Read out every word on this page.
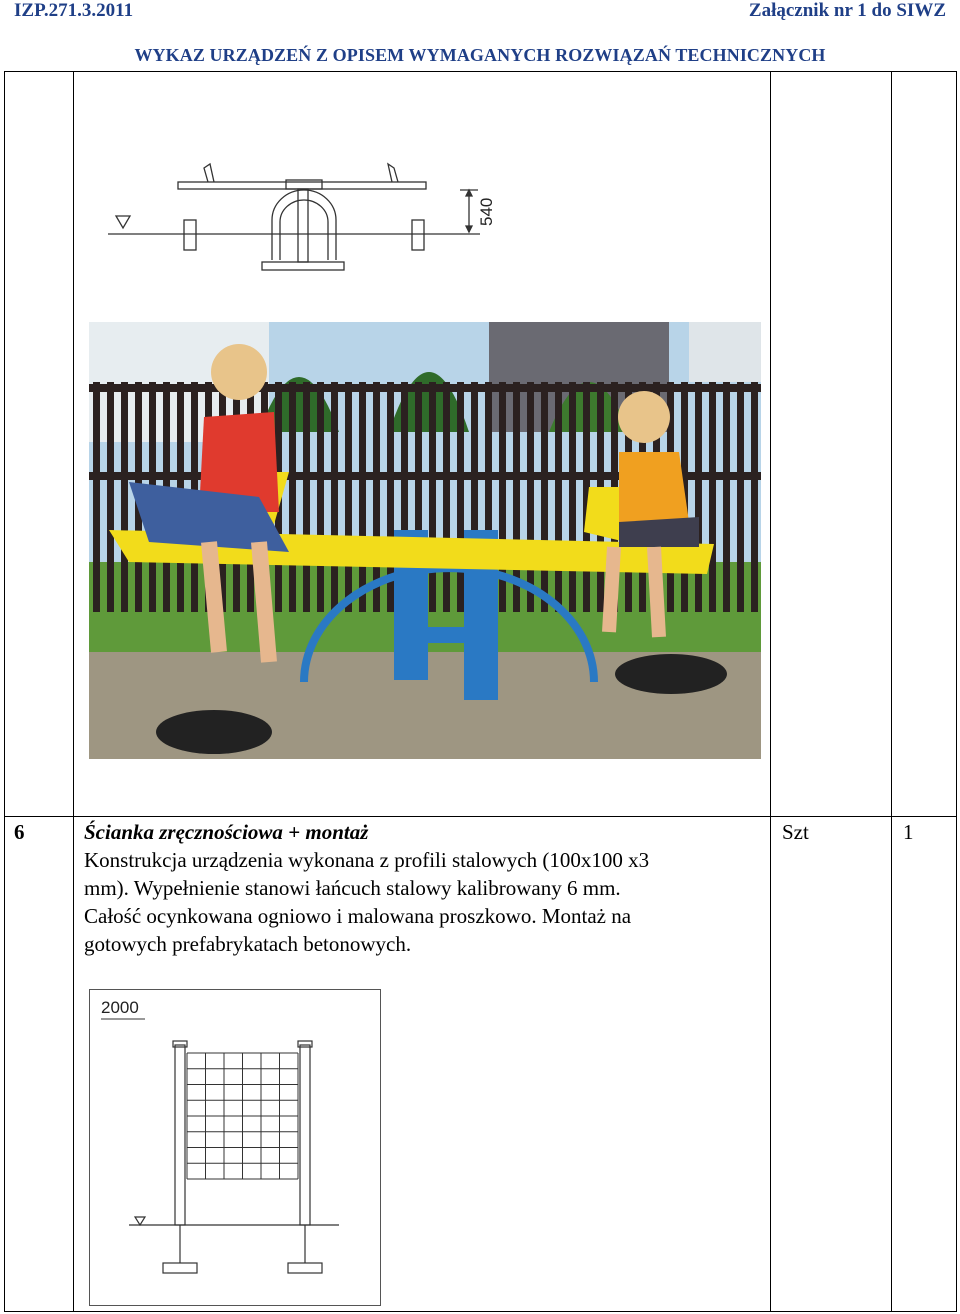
IZP.271.3.2011	Załącznik nr 1 do SIWZ
WYKAZ URZĄDZEŃ Z OPISEM WYMAGANYCH ROZWIĄZAŃ TECHNICZNYCH
540
6	Ścianka zręcznościowa + montaż
Konstrukcja urządzenia wykonana z profili stalowych (100x100 x3
mm). Wypełnienie stanowi łańcuch stalowy kalibrowany 6 mm.
Całość ocynkowana ogniowo i malowana proszkowo. Montaż na
gotowych prefabrykatach betonowych.
Szt	1
2000
